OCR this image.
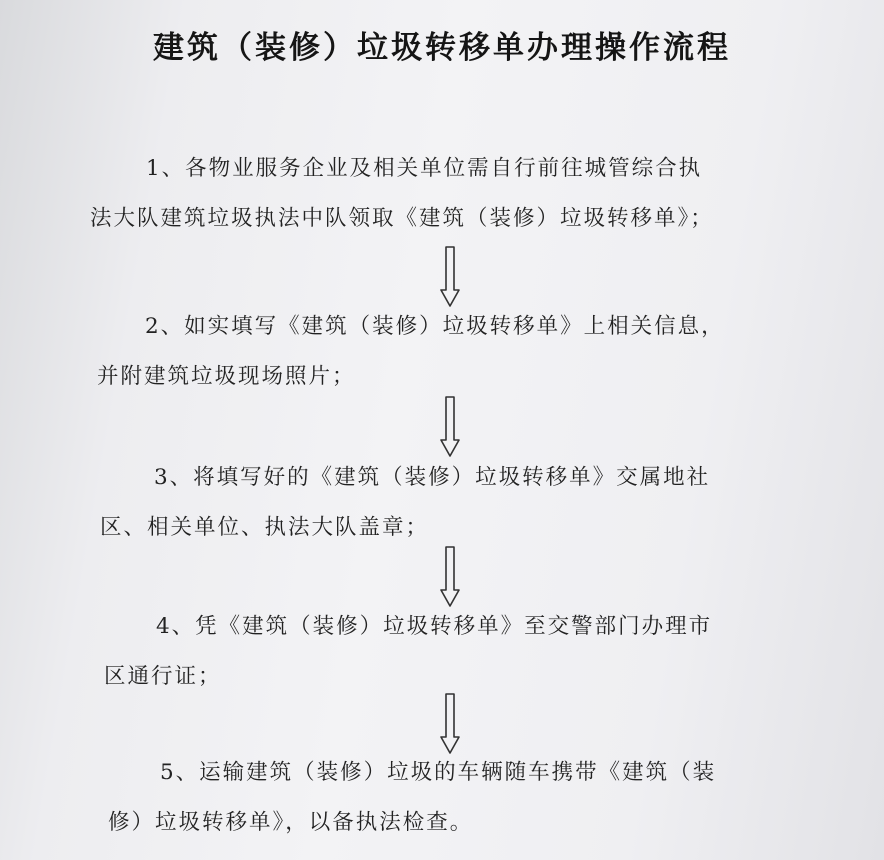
建筑（装修）垃圾转移单办理操作流程
1、各物业服务企业及相关单位需自行前往城管综合执
法大队建筑垃圾执法中队领取《建筑（装修）垃圾转移单》；
2、如实填写《建筑（装修）垃圾转移单》上相关信息，
并附建筑垃圾现场照片；
3、将填写好的《建筑（装修）垃圾转移单》交属地社
区、相关单位、执法大队盖章；
4、凭《建筑（装修）垃圾转移单》至交警部门办理市
区通行证；
5、运输建筑（装修）垃圾的车辆随车携带《建筑（装
修）垃圾转移单》，以备执法检查。
